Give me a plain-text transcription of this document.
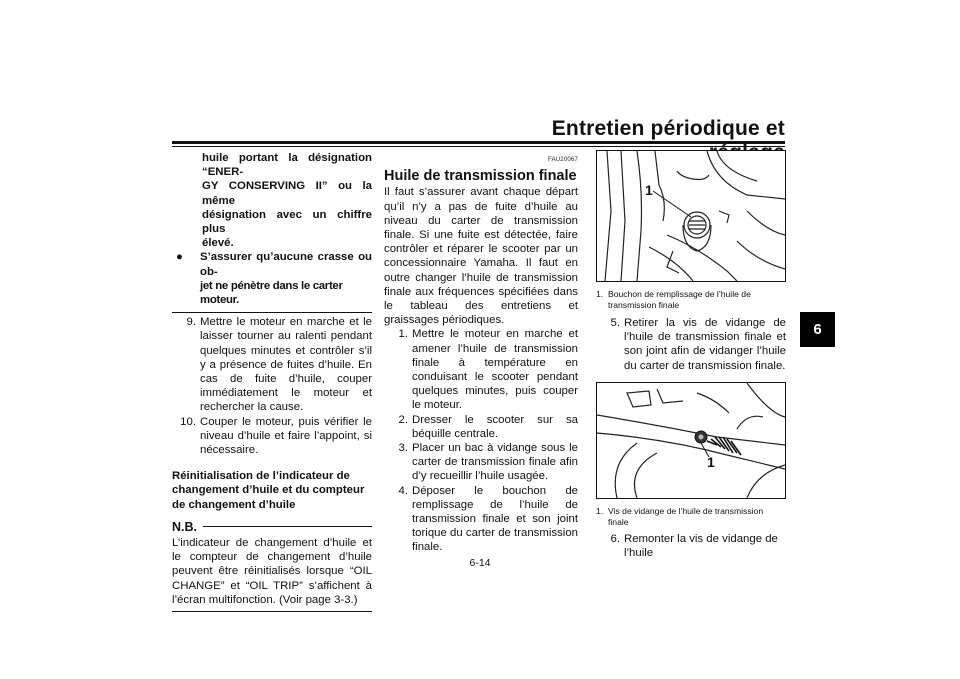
Entretien périodique et
6
huile portant la désignation “ENER-
GY CONSERVING II” ou la même
désignation avec un chiffre plus
élevé.
● S’assurer qu’aucune crasse ou ob-
jet ne pénètre dans le carter moteur.
9. Mettre le moteur en marche et le laisser tourner au ralenti pendant quelques minutes et contrôler s’il y a présence de fuites d’huile. En cas de fuite d’huile, couper immédiatement le moteur et rechercher la cause.
10. Couper le moteur, puis vérifier le niveau d’huile et faire l’appoint, si nécessaire.

Réinitialisation de l’indicateur de changement d’huile et du compteur de changement d’huile

N.B.

L’indicateur de changement d’huile et le compteur de changement d’huile peuvent être réinitialisés lorsque “OIL CHANGE” et “OIL TRIP” s’affichent à l’écran multifonction. (Voir page 3-3.)

FAU20067

Huile de transmission finale

Il faut s’assurer avant chaque départ qu’il n’y a pas de fuite d’huile au niveau du carter de transmission finale. Si une fuite est détectée, faire contrôler et réparer le scooter par un concessionnaire Yamaha. Il faut en outre changer l’huile de transmission finale aux fréquences spécifiées dans le tableau des entretiens et graissages périodiques.

1. Mettre le moteur en marche et amener l’huile de transmission finale à température en conduisant le scooter pendant quelques minutes, puis couper le moteur.
2. Dresser le scooter sur sa béquille centrale.
3. Placer un bac à vidange sous le carter de transmission finale afin d’y recueillir l’huile usagée.
4. Déposer le bouchon de remplissage de l’huile de transmission finale et son joint torique du carter de transmission finale.
1
1. Bouchon de remplissage de l’huile de
transmission finale
5. Retirer la vis de vidange de l’huile de transmission finale et son joint afin de vidanger l’huile du carter de transmission finale.
1
1. Vis de vidange de l’huile de transmission
finale
6. Remonter la vis de vidange de l’huile
6-14
